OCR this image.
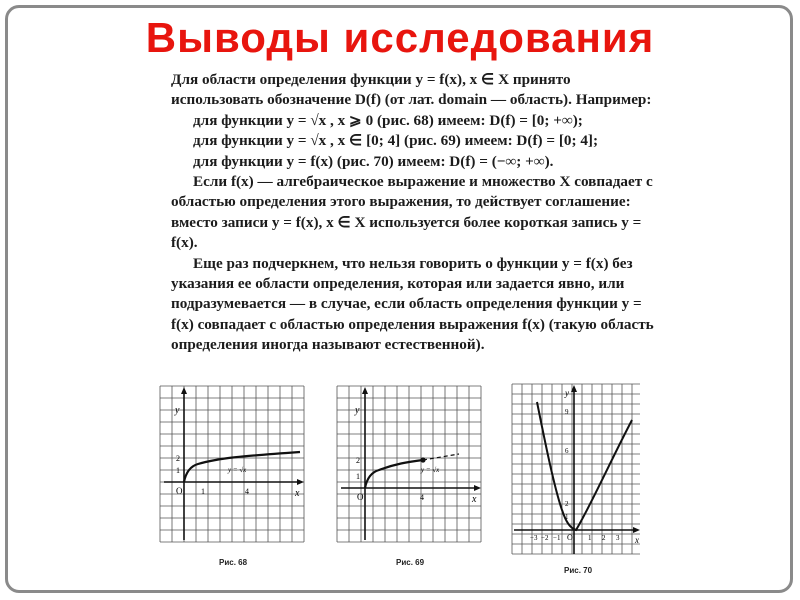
Выводы исследования

Для области определения функции y = f(x), x ∈ X принято использовать обозначение D(f) (от лат. domain — область). Например:

для функции y = √x , x ⩾ 0 (рис. 68) имеем: D(f) = [0; +∞);

для функции y = √x , x ∈ [0; 4] (рис. 69) имеем: D(f) = [0; 4];

для функции y = f(x) (рис. 70) имеем: D(f) = (−∞; +∞).

Если f(x) — алгебраическое выражение и множество X совпадает с областью определения этого выражения, то действует соглашение: вместо записи y = f(x), x ∈ X используется более короткая запись y = f(x).

Еще раз подчеркнем, что нельзя говорить о функции y = f(x) без указания ее области определения, которая или задается явно, или подразумевается — в случае, если область определения функции y = f(x) совпадает с областью определения выражения f(x) (такую область определения иногда называют естественной).

y
x
O 1	4
1
2
y = √x
Рис. 68
y
x
O	4
1
2
y = √x
Рис. 69
y
x
O
−3 −2 −1	1 2 3
9
6
2
1
Рис. 70
